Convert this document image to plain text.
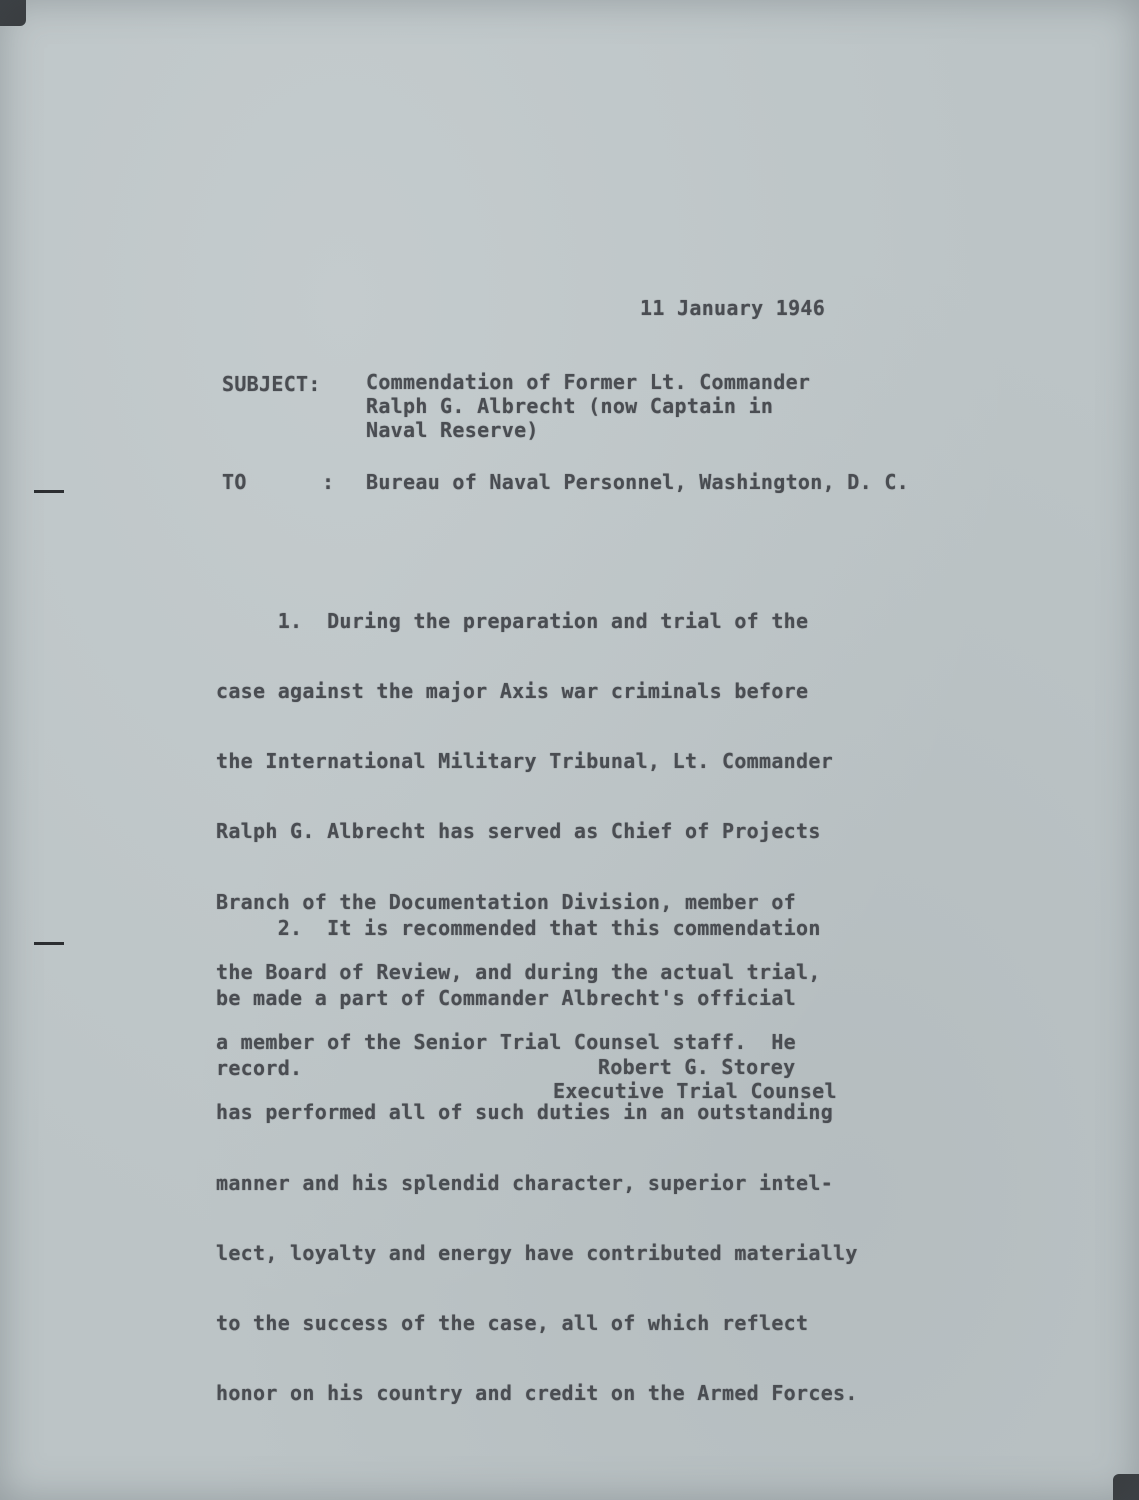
11 January 1946
SUBJECT: Commendation of Former Lt. Commander
Ralph G. Albrecht (now Captain in
Naval Reserve)
TO	: Bureau of Naval Personnel, Washington, D. C.

1.  During the preparation and trial of the

case against the major Axis war criminals before

the International Military Tribunal, Lt. Commander

Ralph G. Albrecht has served as Chief of Projects

Branch of the Documentation Division, member of

the Board of Review, and during the actual trial,

a member of the Senior Trial Counsel staff.  He

has performed all of such duties in an outstanding

manner and his splendid character, superior intel-

lect, loyalty and energy have contributed materially

to the success of the case, all of which reflect

honor on his country and credit on the Armed Forces.

2.  It is recommended that this commendation

be made a part of Commander Albrecht's official

record.

	Robert G. Storey
Executive Trial Counsel
